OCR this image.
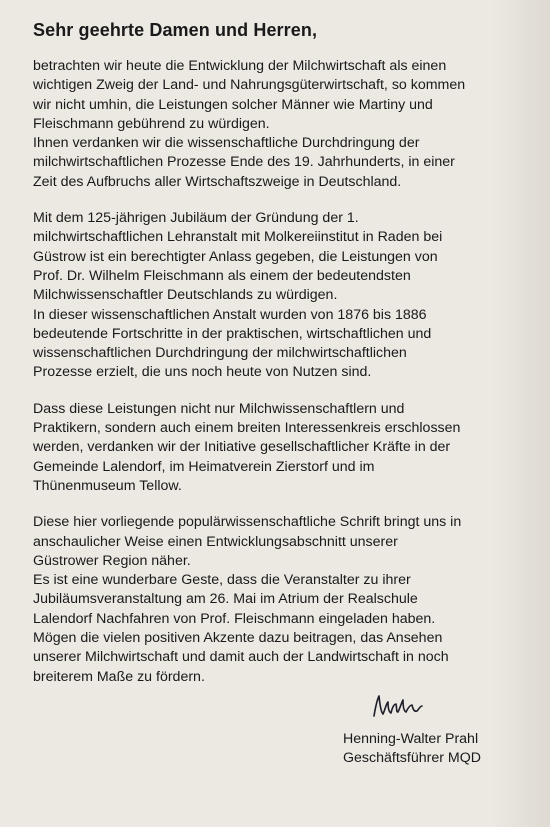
Sehr geehrte Damen und Herren,
betrachten wir heute die Entwicklung der Milchwirtschaft als einen
wichtigen Zweig der Land- und Nahrungsgüterwirtschaft, so kommen
wir nicht umhin, die Leistungen solcher Männer wie Martiny und
Fleischmann gebührend zu würdigen.
Ihnen verdanken wir die wissenschaftliche Durchdringung der
milchwirtschaftlichen Prozesse Ende des 19. Jahrhunderts, in einer
Zeit des Aufbruchs aller Wirtschaftszweige in Deutschland.
Mit dem 125-jährigen Jubiläum der Gründung der 1.
milchwirtschaftlichen Lehranstalt mit Molkereiinstitut in Raden bei
Güstrow ist ein berechtigter Anlass gegeben, die Leistungen von
Prof. Dr. Wilhelm Fleischmann als einem der bedeutendsten
Milchwissenschaftler Deutschlands zu würdigen.
In dieser wissenschaftlichen Anstalt wurden von 1876 bis 1886
bedeutende Fortschritte in der praktischen, wirtschaftlichen und
wissenschaftlichen Durchdringung der milchwirtschaftlichen
Prozesse erzielt, die uns noch heute von Nutzen sind.
Dass diese Leistungen nicht nur Milchwissenschaftlern und
Praktikern, sondern auch einem breiten Interessenkreis erschlossen
werden, verdanken wir der Initiative gesellschaftlicher Kräfte in der
Gemeinde Lalendorf, im Heimatverein Zierstorf und im
Thünenmuseum Tellow.
Diese hier vorliegende populärwissenschaftliche Schrift bringt uns in
anschaulicher Weise einen Entwicklungsabschnitt unserer
Güstrower Region näher.
Es ist eine wunderbare Geste, dass die Veranstalter zu ihrer
Jubiläumsveranstaltung am 26. Mai im Atrium der Realschule
Lalendorf Nachfahren von Prof. Fleischmann eingeladen haben.
Mögen die vielen positiven Akzente dazu beitragen, das Ansehen
unserer Milchwirtschaft und damit auch der Landwirtschaft in noch
breiterem Maße zu fördern.
Henning-Walter Prahl
Geschäftsführer MQD
